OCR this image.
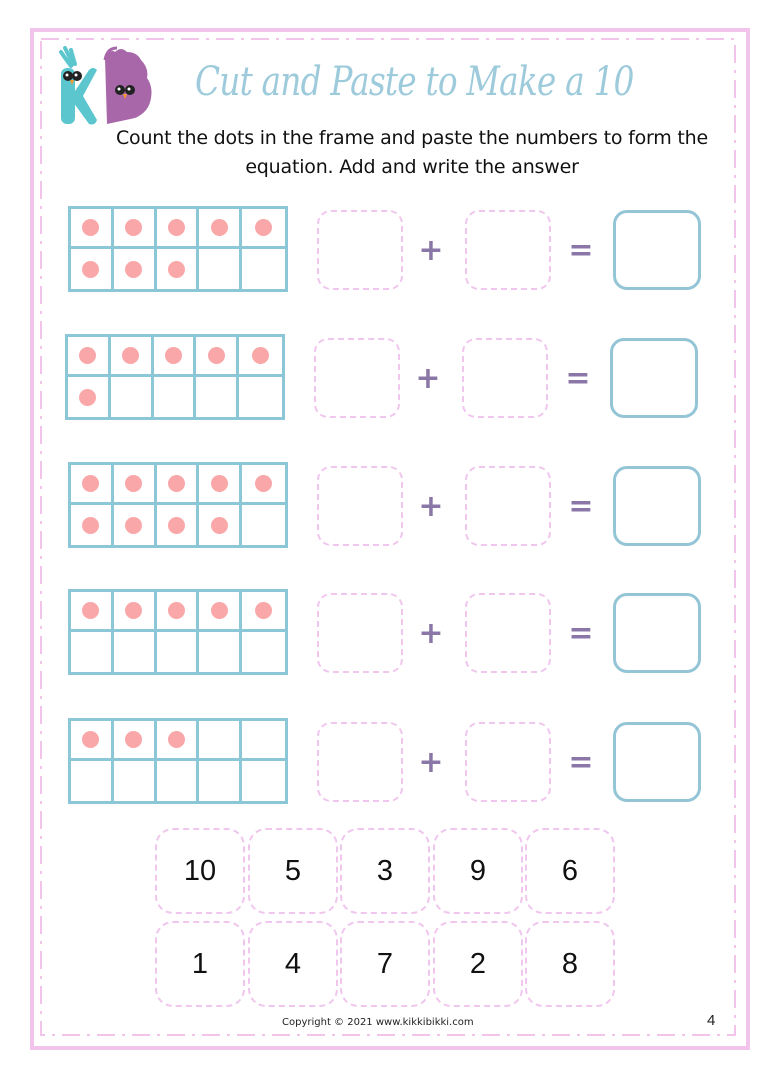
Cut and Paste to Make a 10
Count the dots in the frame and paste the numbers to form the equation. Add and write the answer
+	=
+	=
+	=
+	=
+	=
10	5	3	9	6
1	4	7	2	8
Copyright © 2021 www.kikkibikki.com	4
